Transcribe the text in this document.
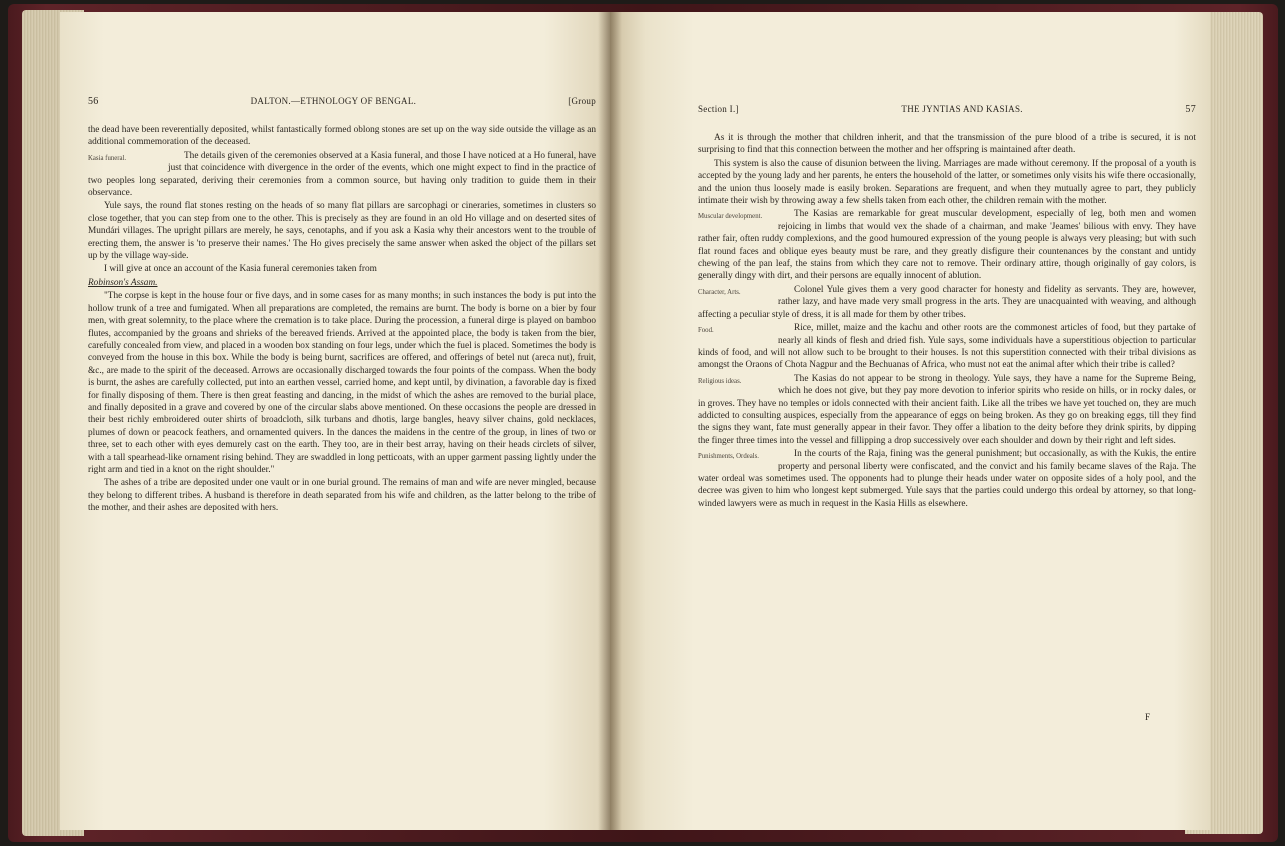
56	DALTON.—ETHNOLOGY OF BENGAL.	[Group

the dead have been reverentially deposited, whilst fantastically formed oblong stones are set up on the way side outside the village as an additional commemoration of the deceased.

Kasia funeral.	The details given of the ceremonies observed at a Kasia funeral, and those I have noticed at a Ho funeral, have just that coincidence with divergence in the order of the events, which one might expect to find in the practice of two peoples long separated, deriving their ceremonies from a common source, but having only tradition to guide them in their observance.

Yule says, the round flat stones resting on the heads of so many flat pillars are sarcophagi or cineraries, sometimes in clusters so close together, that you can step from one to the other. This is precisely as they are found in an old Ho village and on deserted sites of Mundári villages. The upright pillars are merely, he says, cenotaphs, and if you ask a Kasia why their ancestors went to the trouble of erecting them, the answer is 'to preserve their names.' The Ho gives precisely the same answer when asked the object of the pillars set up by the village way-side.

I will give at once an account of the Kasia funeral ceremonies taken from

Robinson's Assam.

"The corpse is kept in the house four or five days, and in some cases for as many months; in such instances the body is put into the hollow trunk of a tree and fumigated. When all preparations are completed, the remains are burnt. The body is borne on a bier by four men, with great solemnity, to the place where the cremation is to take place. During the procession, a funeral dirge is played on bamboo flutes, accompanied by the groans and shrieks of the bereaved friends. Arrived at the appointed place, the body is taken from the bier, carefully concealed from view, and placed in a wooden box standing on four legs, under which the fuel is placed. Sometimes the body is conveyed from the house in this box. While the body is being burnt, sacrifices are offered, and offerings of betel nut (areca nut), fruit, &c., are made to the spirit of the deceased. Arrows are occasionally discharged towards the four points of the compass. When the body is burnt, the ashes are carefully collected, put into an earthen vessel, carried home, and kept until, by divination, a favorable day is fixed for finally disposing of them. There is then great feasting and dancing, in the midst of which the ashes are removed to the burial place, and finally deposited in a grave and covered by one of the circular slabs above mentioned. On these occasions the people are dressed in their best richly embroidered outer shirts of broadcloth, silk turbans and dhotis, large bangles, heavy silver chains, gold necklaces, plumes of down or peacock feathers, and ornamented quivers. In the dances the maidens in the centre of the group, in lines of two or three, set to each other with eyes demurely cast on the earth. They too, are in their best array, having on their heads circlets of silver, with a tall spearhead-like ornament rising behind. They are swaddled in long petticoats, with an upper garment passing lightly under the right arm and tied in a knot on the right shoulder."

The ashes of a tribe are deposited under one vault or in one burial ground. The remains of man and wife are never mingled, because they belong to different tribes. A husband is therefore in death separated from his wife and children, as the latter belong to the tribe of the mother, and their ashes are deposited with hers.

Section I.]	THE JYNTIAS AND KASIAS.	57

As it is through the mother that children inherit, and that the transmission of the pure blood of a tribe is secured, it is not surprising to find that this connection between the mother and her offspring is maintained after death.

This system is also the cause of disunion between the living. Marriages are made without ceremony. If the proposal of a youth is accepted by the young lady and her parents, he enters the household of the latter, or sometimes only visits his wife there occasionally, and the union thus loosely made is easily broken. Separations are frequent, and when they mutually agree to part, they publicly intimate their wish by throwing away a few shells taken from each other, the children remain with the mother.

Muscular development.	The Kasias are remarkable for great muscular development, especially of leg, both men and women rejoicing in limbs that would vex the shade of a chairman, and make 'Jeames' bilious with envy. They have rather fair, often ruddy complexions, and the good humoured expression of the young people is always very pleasing; but with such flat round faces and oblique eyes beauty must be rare, and they greatly disfigure their countenances by the constant and untidy chewing of the pan leaf, the stains from which they care not to remove. Their ordinary attire, though originally of gay colors, is generally dingy with dirt, and their persons are equally innocent of ablution.

Character, Arts.	Colonel Yule gives them a very good character for honesty and fidelity as servants. They are, however, rather lazy, and have made very small progress in the arts. They are unacquainted with weaving, and although affecting a peculiar style of dress, it is all made for them by other tribes.

Food.	Rice, millet, maize and the kachu and other roots are the commonest articles of food, but they partake of nearly all kinds of flesh and dried fish. Yule says, some individuals have a superstitious objection to particular kinds of food, and will not allow such to be brought to their houses. Is not this superstition connected with their tribal divisions as amongst the Oraons of Chota Nagpur and the Bechuanas of Africa, who must not eat the animal after which their tribe is called?

Religious ideas.	The Kasias do not appear to be strong in theology. Yule says, they have a name for the Supreme Being, which he does not give, but they pay more devotion to inferior spirits who reside on hills, or in rocky dales, or in groves. They have no temples or idols connected with their ancient faith. Like all the tribes we have yet touched on, they are much addicted to consulting auspices, especially from the appearance of eggs on being broken. As they go on breaking eggs, till they find the signs they want, fate must generally appear in their favor. They offer a libation to the deity before they drink spirits, by dipping the finger three times into the vessel and fillipping a drop successively over each shoulder and down by their right and left sides.

Punishments, Ordeals.	In the courts of the Raja, fining was the general punishment; but occasionally, as with the Kukis, the entire property and personal liberty were confiscated, and the convict and his family became slaves of the Raja. The water ordeal was sometimes used. The opponents had to plunge their heads under water on opposite sides of a holy pool, and the decree was given to him who longest kept submerged. Yule says that the parties could undergo this ordeal by attorney, so that long-winded lawyers were as much in request in the Kasia Hills as elsewhere.

F
